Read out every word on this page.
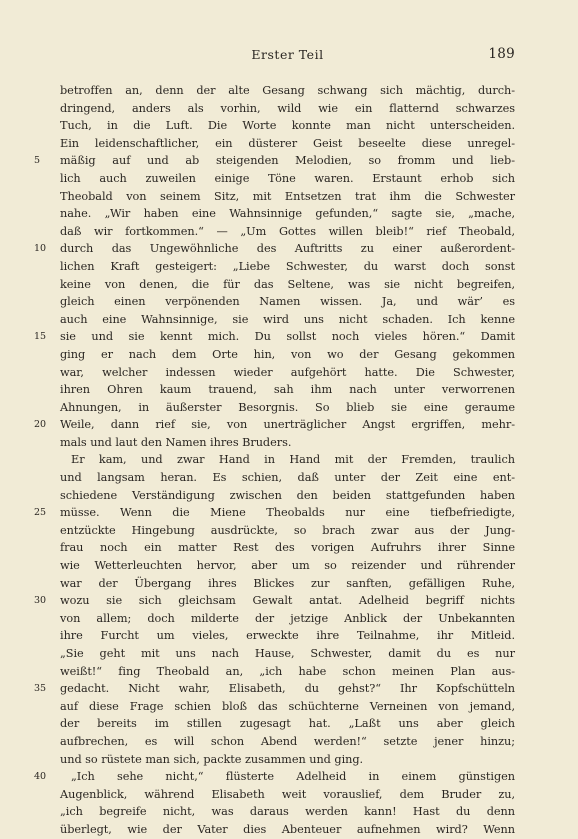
Erster Teil	189
betroffen an, denn der alte Gesang schwang sich mächtig, durch-
dringend, anders als vorhin, wild wie ein flatternd schwarzes
Tuch, in die Luft. Die Worte konnte man nicht unterscheiden.
Ein leidenschaftlicher, ein düsterer Geist beseelte diese unregel-
mäßig auf und ab steigenden Melodien, so fromm und lieb-
5
lich auch zuweilen einige Töne waren. Erstaunt erhob sich
Theobald von seinem Sitz, mit Entsetzen trat ihm die Schwester
nahe. „Wir haben eine Wahnsinnige gefunden,“ sagte sie, „mache,
daß wir fortkommen.“ — „Um Gottes willen bleib!“ rief Theobald,
durch das Ungewöhnliche des Auftritts zu einer außerordent-
10
lichen Kraft gesteigert: „Liebe Schwester, du warst doch sonst
keine von denen, die für das Seltene, was sie nicht begreifen,
gleich einen verpönenden Namen wissen. Ja, und wär’ es
auch eine Wahnsinnige, sie wird uns nicht schaden. Ich kenne
sie und sie kennt mich. Du sollst noch vieles hören.“ Damit
15
ging er nach dem Orte hin, von wo der Gesang gekommen
war, welcher indessen wieder aufgehört hatte. Die Schwester,
ihren Ohren kaum trauend, sah ihm nach unter verworrenen
Ahnungen, in äußerster Besorgnis. So blieb sie eine geraume
Weile, dann rief sie, von unerträglicher Angst ergriffen, mehr-
20
mals und laut den Namen ihres Bruders.
Er kam, und zwar Hand in Hand mit der Fremden, traulich
und langsam heran. Es schien, daß unter der Zeit eine ent-
schiedene Verständigung zwischen den beiden stattgefunden haben
müsse. Wenn die Miene Theobalds nur eine tiefbefriedigte,
25
entzückte Hingebung ausdrückte, so brach zwar aus der Jung-
frau noch ein matter Rest des vorigen Aufruhrs ihrer Sinne
wie Wetterleuchten hervor, aber um so reizender und rührender
war der Übergang ihres Blickes zur sanften, gefälligen Ruhe,
wozu sie sich gleichsam Gewalt antat. Adelheid begriff nichts
30
von allem; doch milderte der jetzige Anblick der Unbekannten
ihre Furcht um vieles, erweckte ihre Teilnahme, ihr Mitleid.
„Sie geht mit uns nach Hause, Schwester, damit du es nur
weißt!“ fing Theobald an, „ich habe schon meinen Plan aus-
gedacht. Nicht wahr, Elisabeth, du gehst?“ Ihr Kopfschütteln
35
auf diese Frage schien bloß das schüchterne Verneinen von jemand,
der bereits im stillen zugesagt hat. „Laßt uns aber gleich
aufbrechen, es will schon Abend werden!“ setzte jener hinzu;
und so rüstete man sich, packte zusammen und ging.
„Ich sehe nicht,“ flüsterte Adelheid in einem günstigen
40
Augenblick, während Elisabeth weit vorauslief, dem Bruder zu,
„ich begreife nicht, was daraus werden kann! Hast du denn
überlegt, wie der Vater dies Abenteuer aufnehmen wird? Wenn
